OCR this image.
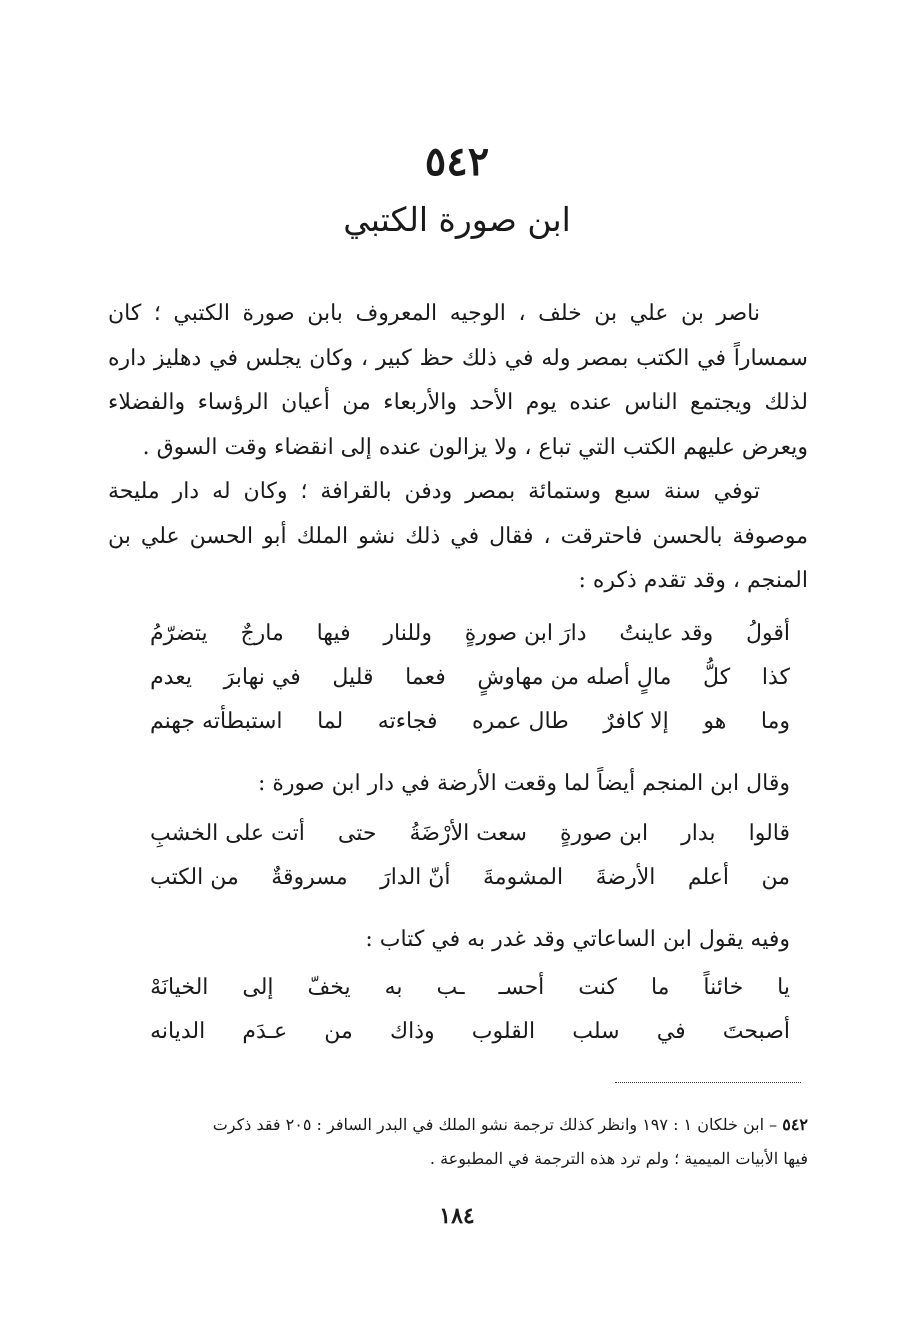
٥٤٢
ابن صورة الكتبي

ناصر بن علي بن خلف ، الوجيه المعروف بابن صورة الكتبي ؛ كان سمساراً في الكتب بمصر وله في ذلك حظ كبير ، وكان يجلس في دهليز داره لذلك ويجتمع الناس عنده يوم الأحد والأربعاء من أعيان الرؤساء والفضلاء ويعرض عليهم الكتب التي تباع ، ولا يزالون عنده إلى انقضاء وقت السوق .

توفي سنة سبع وستمائة بمصر ودفن بالقرافة ؛ وكان له دار مليحة موصوفة بالحسن فاحترقت ، فقال في ذلك نشو الملك أبو الحسن علي بن المنجم ، وقد تقدم ذكره :

أقولُ
وقد عاينتُ
دارَ ابن صورةٍ
وللنار
فيها
مارجٌ
يتضرّمُ
كذا
كلُّ
مالٍ أصله من مهاوشٍ
فعما
قليل
في نهابرَ
يعدم
وما
هو
إلا كافرٌ
طال عمره
فجاءته
لما
استبطأته جهنم
وقال ابن المنجم أيضاً لما وقعت الأرضة في دار ابن صورة :
قالوا
بدار
ابن صورةٍ
سعت الأرْضَةُ
حتى
أتت على الخشبِ
من
أعلم
الأرضةَ
المشومةَ
أنّ الدارَ
مسروقةٌ
من الكتب
وفيه يقول ابن الساعاتي وقد غدر به في كتاب :
يا
خائناً
ما
كنت
أحسـ
ـب
به
يخفّ
إلى
الخيانَهْ
أصبحتَ
في
سلب
القلوب
وذاك
من
عـدَم
الديانه

٥٤٢ – ابن خلكان ١ : ١٩٧ وانظر كذلك ترجمة نشو الملك في البدر السافر : ٢٠٥ فقد ذكرت

فيها الأبيات الميمية ؛ ولم ترد هذه الترجمة في المطبوعة .

١٨٤
